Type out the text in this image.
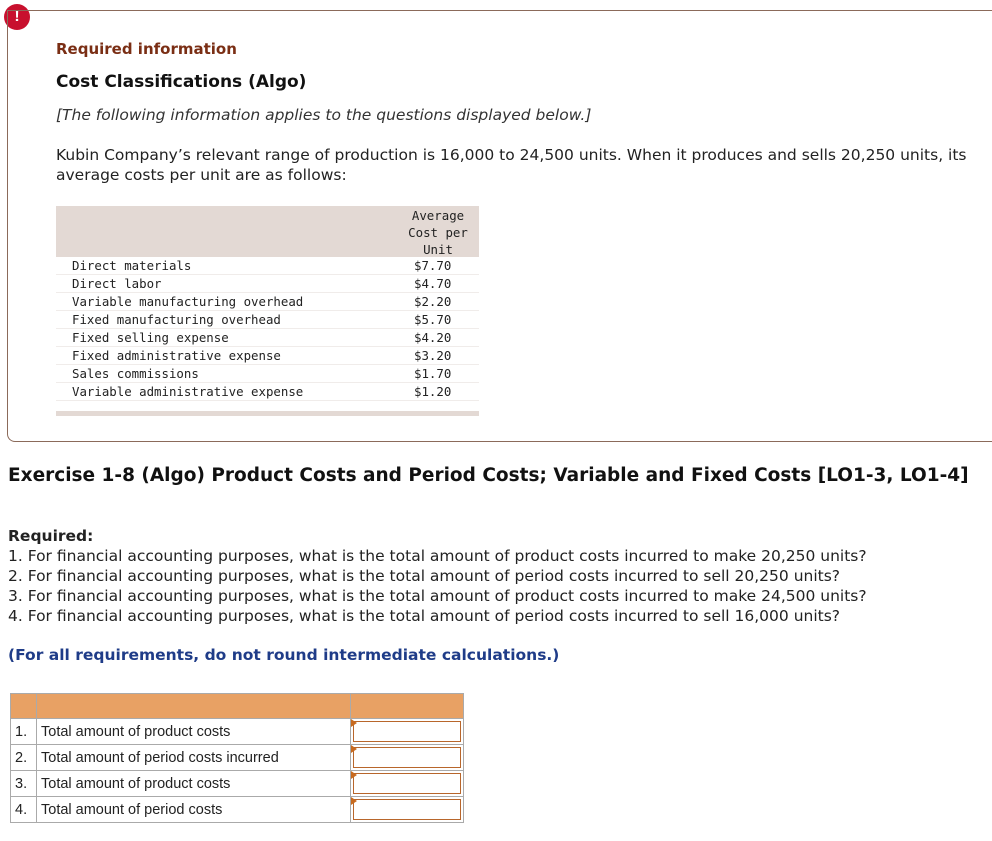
!
Required information
Cost Classifications (Algo)
[The following information applies to the questions displayed below.]
Kubin Company’s relevant range of production is 16,000 to 24,500 units. When it produces and sells 20,250 units, its average costs per unit are as follows:
Average
Cost per
Unit
Direct materials	$7.70
Direct labor	$4.70
Variable manufacturing overhead	$2.20
Fixed manufacturing overhead	$5.70
Fixed selling expense	$4.20
Fixed administrative expense	$3.20
Sales commissions	$1.70
Variable administrative expense	$1.20
Exercise 1-8 (Algo) Product Costs and Period Costs; Variable and Fixed Costs [LO1-3, LO1-4]
Required:
1. For financial accounting purposes, what is the total amount of product costs incurred to make 20,250 units?
2. For financial accounting purposes, what is the total amount of period costs incurred to sell 20,250 units?
3. For financial accounting purposes, what is the total amount of product costs incurred to make 24,500 units?
4. For financial accounting purposes, what is the total amount of period costs incurred to sell 16,000 units?
(For all requirements, do not round intermediate calculations.)

1.	Total amount of product costs	

2.	Total amount of period costs incurred	

3.	Total amount of product costs	

4.	Total amount of period costs	
